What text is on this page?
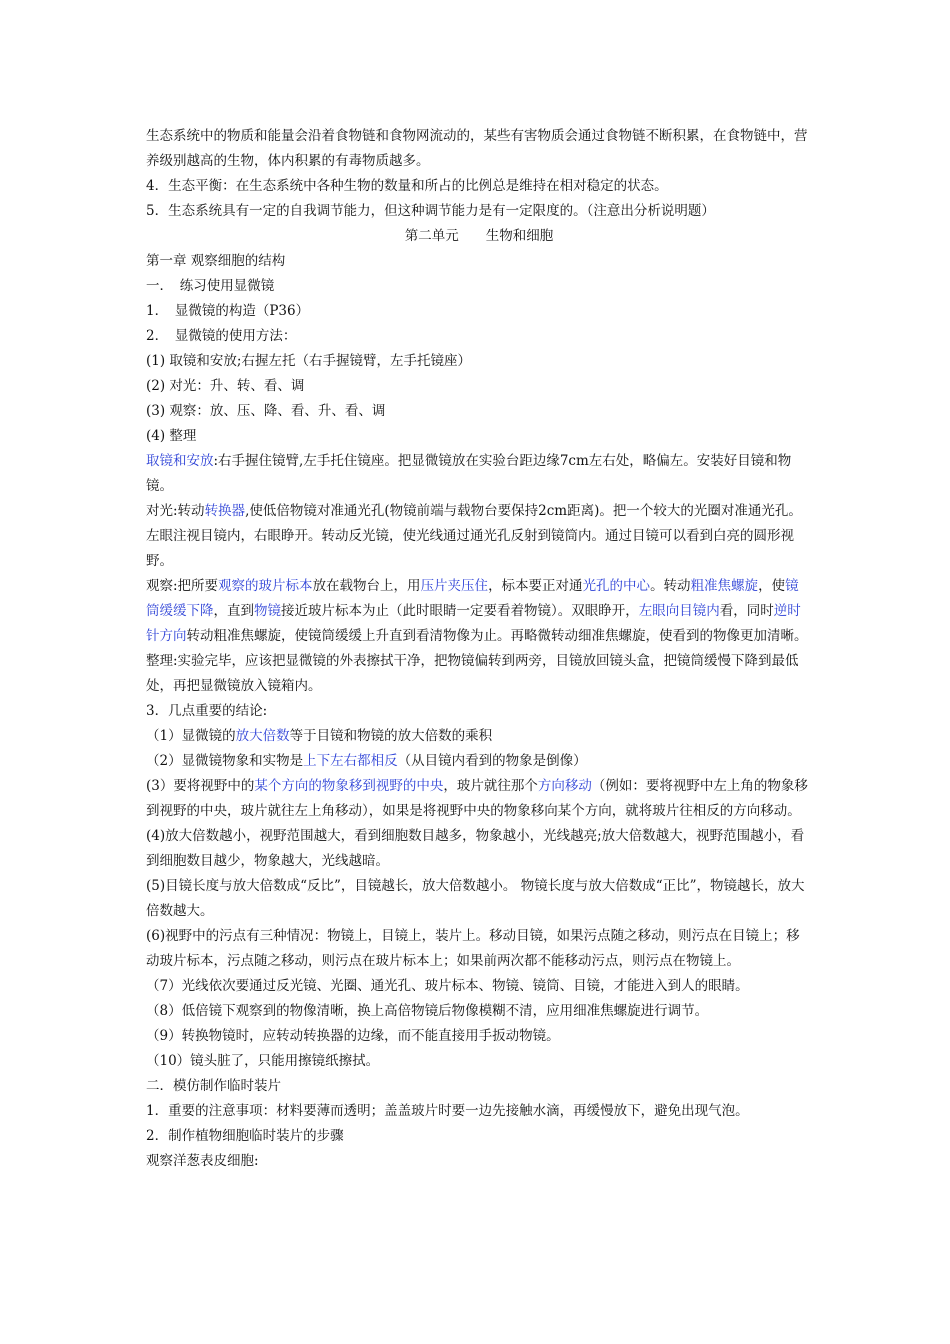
生态系统中的物质和能量会沿着食物链和食物网流动的，某些有害物质会通过食物链不断积累，在食物链中，营养级别越高的生物，体内积累的有毒物质越多。

4．生态平衡：在生态系统中各种生物的数量和所占的比例总是维持在相对稳定的状态。

5．生态系统具有一定的自我调节能力，但这种调节能力是有一定限度的。（注意出分析说明题）

第二单元　　生物和细胞

第一章 观察细胞的结构

一．　练习使用显微镜

1．　显微镜的构造（P36）

2．　显微镜的使用方法：

(1) 取镜和安放;右握左托（右手握镜臂，左手托镜座）

(2) 对光：升、转、看、调

(3) 观察：放、压、降、看、升、看、调

(4) 整理

取镜和安放:右手握住镜臂,左手托住镜座。把显微镜放在实验台距边缘7cm左右处，略偏左。安装好目镜和物镜。

对光:转动转换器,使低倍物镜对准通光孔(物镜前端与载物台要保持2cm距离)。把一个较大的光圈对准通光孔。左眼注视目镜内，右眼睁开。转动反光镜，使光线通过通光孔反射到镜筒内。通过目镜可以看到白亮的圆形视野。

观察:把所要观察的玻片标本放在载物台上，用压片夹压住，标本要正对通光孔的中心。转动粗准焦螺旋，使镜筒缓缓下降，直到物镜接近玻片标本为止（此时眼睛一定要看着物镜）。双眼睁开，左眼向目镜内看，同时逆时针方向转动粗准焦螺旋，使镜筒缓缓上升直到看清物像为止。再略微转动细准焦螺旋，使看到的物像更加清晰。

整理:实验完毕，应该把显微镜的外表擦拭干净，把物镜偏转到两旁，目镜放回镜头盒，把镜筒缓慢下降到最低处，再把显微镜放入镜箱内。

3．几点重要的结论:

（1）显微镜的放大倍数等于目镜和物镜的放大倍数的乘积

（2）显微镜物象和实物是上下左右都相反（从目镜内看到的物象是倒像）

(3）要将视野中的某个方向的物象移到视野的中央，玻片就往那个方向移动（例如：要将视野中左上角的物象移到视野的中央，玻片就往左上角移动），如果是将视野中央的物象移向某个方向，就将玻片往相反的方向移动。

(4)放大倍数越小，视野范围越大，看到细胞数目越多，物象越小，光线越亮;放大倍数越大，视野范围越小，看到细胞数目越少，物象越大，光线越暗。

(5)目镜长度与放大倍数成“反比”，目镜越长，放大倍数越小。 物镜长度与放大倍数成“正比”，物镜越长，放大倍数越大。

(6)视野中的污点有三种情况：物镜上，目镜上，装片上。移动目镜，如果污点随之移动，则污点在目镜上；移动玻片标本，污点随之移动，则污点在玻片标本上；如果前两次都不能移动污点，则污点在物镜上。

（7）光线依次要通过反光镜、光圈、通光孔、玻片标本、物镜、镜筒、目镜，才能进入到人的眼睛。

（8）低倍镜下观察到的物像清晰，换上高倍物镜后物像模糊不清，应用细准焦螺旋进行调节。

（9）转换物镜时，应转动转换器的边缘，而不能直接用手扳动物镜。

（10）镜头脏了，只能用擦镜纸擦拭。

二．模仿制作临时装片

1．重要的注意事项：材料要薄而透明；盖盖玻片时要一边先接触水滴，再缓慢放下，避免出现气泡。

2．制作植物细胞临时装片的步骤

观察洋葱表皮细胞:
